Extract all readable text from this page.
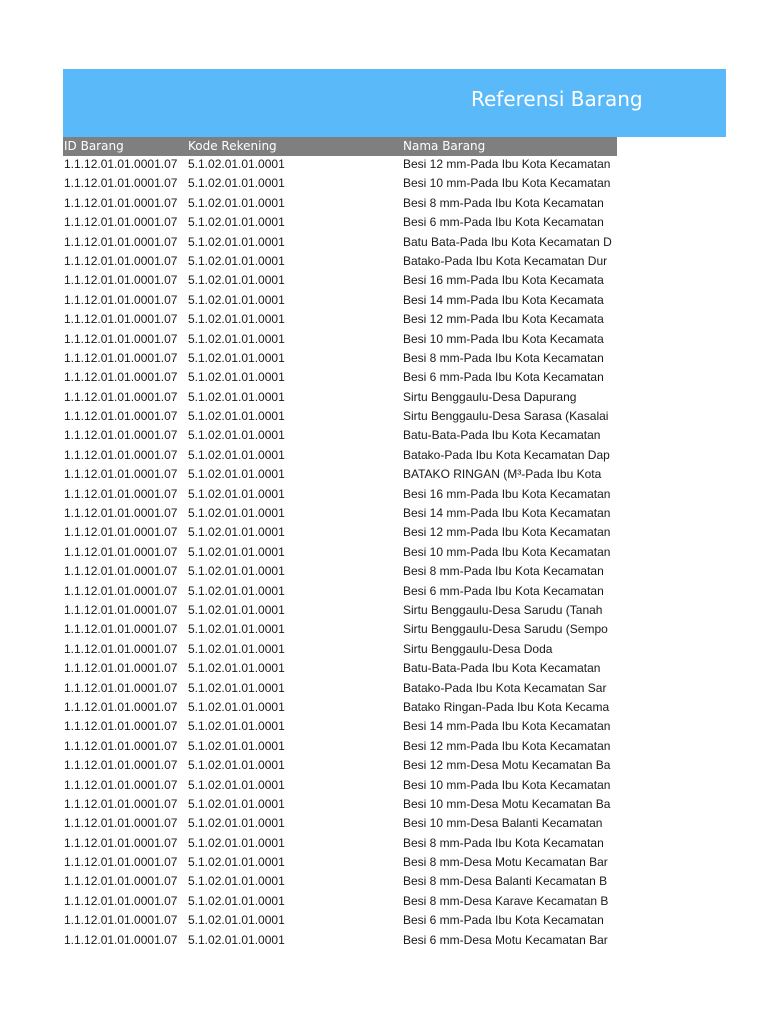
Referensi Barang
ID Barang	Kode Rekening	Nama Barang
1.1.12.01.01.0001.07 5.1.02.01.01.0001	Besi 12 mm-Pada Ibu Kota Kecamatan
1.1.12.01.01.0001.07 5.1.02.01.01.0001	Besi 10 mm-Pada Ibu Kota Kecamatan
1.1.12.01.01.0001.07 5.1.02.01.01.0001	Besi 8 mm-Pada Ibu Kota Kecamatan
1.1.12.01.01.0001.07 5.1.02.01.01.0001	Besi 6 mm-Pada Ibu Kota Kecamatan
1.1.12.01.01.0001.07 5.1.02.01.01.0001	Batu Bata-Pada Ibu Kota Kecamatan D
1.1.12.01.01.0001.07 5.1.02.01.01.0001	Batako-Pada Ibu Kota Kecamatan Dur
1.1.12.01.01.0001.07 5.1.02.01.01.0001	Besi 16 mm-Pada Ibu Kota Kecamata
1.1.12.01.01.0001.07 5.1.02.01.01.0001	Besi 14 mm-Pada Ibu Kota Kecamata
1.1.12.01.01.0001.07 5.1.02.01.01.0001	Besi 12 mm-Pada Ibu Kota Kecamata
1.1.12.01.01.0001.07 5.1.02.01.01.0001	Besi 10 mm-Pada Ibu Kota Kecamata
1.1.12.01.01.0001.07 5.1.02.01.01.0001	Besi 8 mm-Pada Ibu Kota Kecamatan
1.1.12.01.01.0001.07 5.1.02.01.01.0001	Besi 6 mm-Pada Ibu Kota Kecamatan
1.1.12.01.01.0001.07 5.1.02.01.01.0001	Sirtu Benggaulu-Desa Dapurang
1.1.12.01.01.0001.07 5.1.02.01.01.0001	Sirtu Benggaulu-Desa Sarasa (Kasalai
1.1.12.01.01.0001.07 5.1.02.01.01.0001	Batu-Bata-Pada Ibu Kota Kecamatan
1.1.12.01.01.0001.07 5.1.02.01.01.0001	Batako-Pada Ibu Kota Kecamatan Dap
1.1.12.01.01.0001.07 5.1.02.01.01.0001	BATAKO RINGAN (M³-Pada Ibu Kota
1.1.12.01.01.0001.07 5.1.02.01.01.0001	Besi 16 mm-Pada Ibu Kota Kecamatan
1.1.12.01.01.0001.07 5.1.02.01.01.0001	Besi 14 mm-Pada Ibu Kota Kecamatan
1.1.12.01.01.0001.07 5.1.02.01.01.0001	Besi 12 mm-Pada Ibu Kota Kecamatan
1.1.12.01.01.0001.07 5.1.02.01.01.0001	Besi 10 mm-Pada Ibu Kota Kecamatan
1.1.12.01.01.0001.07 5.1.02.01.01.0001	Besi 8 mm-Pada Ibu Kota Kecamatan
1.1.12.01.01.0001.07 5.1.02.01.01.0001	Besi 6 mm-Pada Ibu Kota Kecamatan
1.1.12.01.01.0001.07 5.1.02.01.01.0001	Sirtu Benggaulu-Desa Sarudu (Tanah
1.1.12.01.01.0001.07 5.1.02.01.01.0001	Sirtu Benggaulu-Desa Sarudu (Sempo
1.1.12.01.01.0001.07 5.1.02.01.01.0001	Sirtu Benggaulu-Desa Doda
1.1.12.01.01.0001.07 5.1.02.01.01.0001	Batu-Bata-Pada Ibu Kota Kecamatan
1.1.12.01.01.0001.07 5.1.02.01.01.0001	Batako-Pada Ibu Kota Kecamatan Sar
1.1.12.01.01.0001.07 5.1.02.01.01.0001	Batako Ringan-Pada Ibu Kota Kecama
1.1.12.01.01.0001.07 5.1.02.01.01.0001	Besi 14 mm-Pada Ibu Kota Kecamatan
1.1.12.01.01.0001.07 5.1.02.01.01.0001	Besi 12 mm-Pada Ibu Kota Kecamatan
1.1.12.01.01.0001.07 5.1.02.01.01.0001	Besi 12 mm-Desa Motu Kecamatan Ba
1.1.12.01.01.0001.07 5.1.02.01.01.0001	Besi 10 mm-Pada Ibu Kota Kecamatan
1.1.12.01.01.0001.07 5.1.02.01.01.0001	Besi 10 mm-Desa Motu Kecamatan Ba
1.1.12.01.01.0001.07 5.1.02.01.01.0001	Besi 10 mm-Desa Balanti Kecamatan
1.1.12.01.01.0001.07 5.1.02.01.01.0001	Besi 8 mm-Pada Ibu Kota Kecamatan
1.1.12.01.01.0001.07 5.1.02.01.01.0001	Besi 8 mm-Desa Motu Kecamatan Bar
1.1.12.01.01.0001.07 5.1.02.01.01.0001	Besi 8 mm-Desa Balanti Kecamatan B
1.1.12.01.01.0001.07 5.1.02.01.01.0001	Besi 8 mm-Desa Karave Kecamatan B
1.1.12.01.01.0001.07 5.1.02.01.01.0001	Besi 6 mm-Pada Ibu Kota Kecamatan
1.1.12.01.01.0001.07 5.1.02.01.01.0001	Besi 6 mm-Desa Motu Kecamatan Bar
